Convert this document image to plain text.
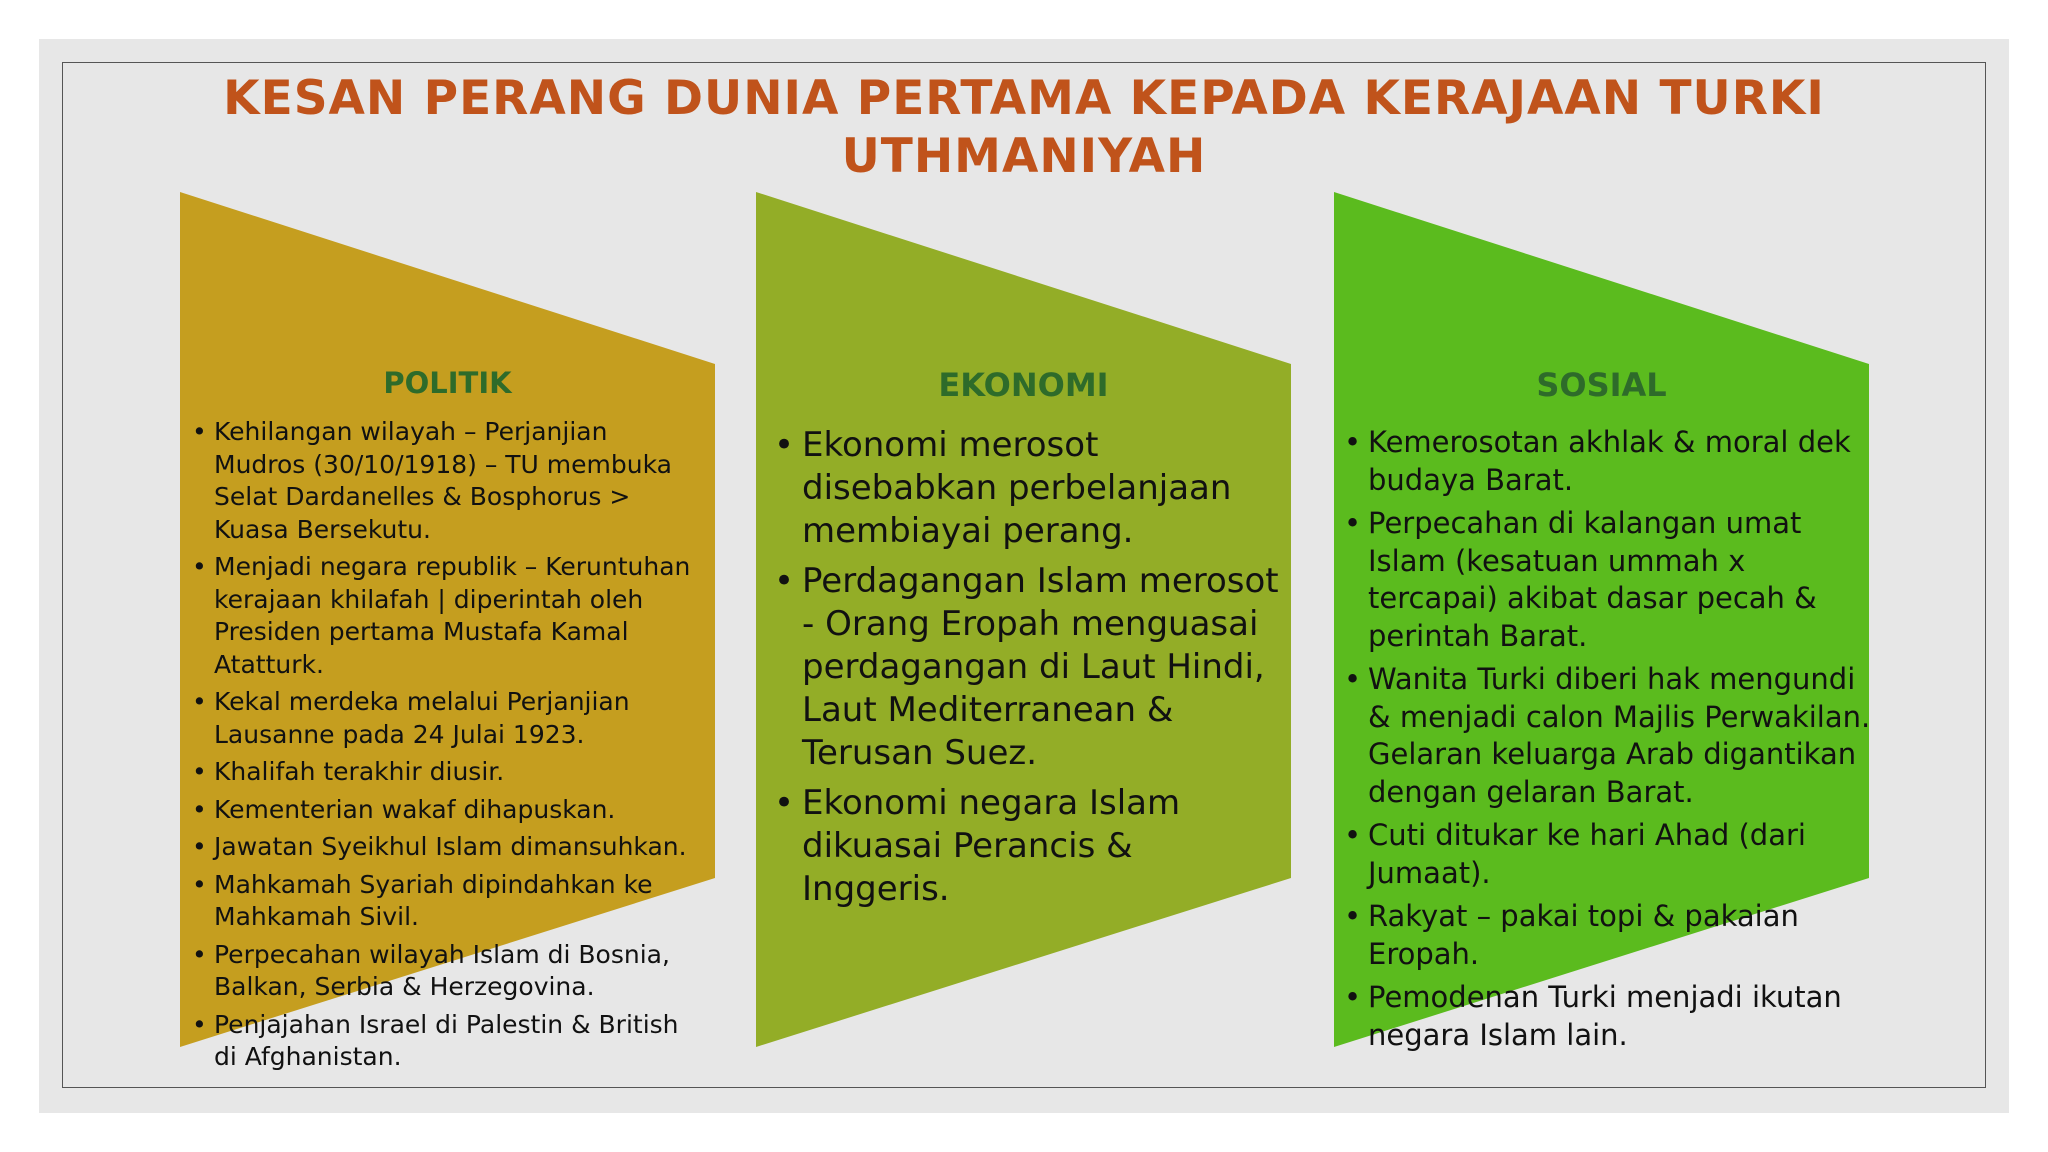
KESAN PERANG DUNIA PERTAMA KEPADA KERAJAAN TURKI UTHMANIYAH
POLITIK
• Kehilangan wilayah – Perjanjian Mudros (30/10/1918) – TU membuka Selat Dardanelles & Bosphorus > Kuasa Bersekutu.
• Menjadi negara republik – Keruntuhan kerajaan khilafah | diperintah oleh Presiden pertama Mustafa Kamal Atatturk.
• Kekal merdeka melalui Perjanjian Lausanne pada 24 Julai 1923.
• Khalifah terakhir diusir.
• Kementerian wakaf dihapuskan.
• Jawatan Syeikhul Islam dimansuhkan.
• Mahkamah Syariah dipindahkan ke Mahkamah Sivil.
• Perpecahan wilayah Islam di Bosnia, Balkan, Serbia & Herzegovina.
• Penjajahan Israel di Palestin & British di Afghanistan.
EKONOMI
• Ekonomi merosot disebabkan perbelanjaan membiayai perang.
• Perdagangan Islam merosot - Orang Eropah menguasai perdagangan di Laut Hindi, Laut Mediterranean & Terusan Suez.
• Ekonomi negara Islam dikuasai Perancis & Inggeris.
SOSIAL
• Kemerosotan akhlak & moral dek budaya Barat.
• Perpecahan di kalangan umat Islam (kesatuan ummah x tercapai) akibat dasar pecah & perintah Barat.
• Wanita Turki diberi hak mengundi & menjadi calon Majlis Perwakilan. Gelaran keluarga Arab digantikan dengan gelaran Barat.
• Cuti ditukar ke hari Ahad (dari Jumaat).
• Rakyat – pakai topi & pakaian Eropah.
• Pemodenan Turki menjadi ikutan negara Islam lain.
